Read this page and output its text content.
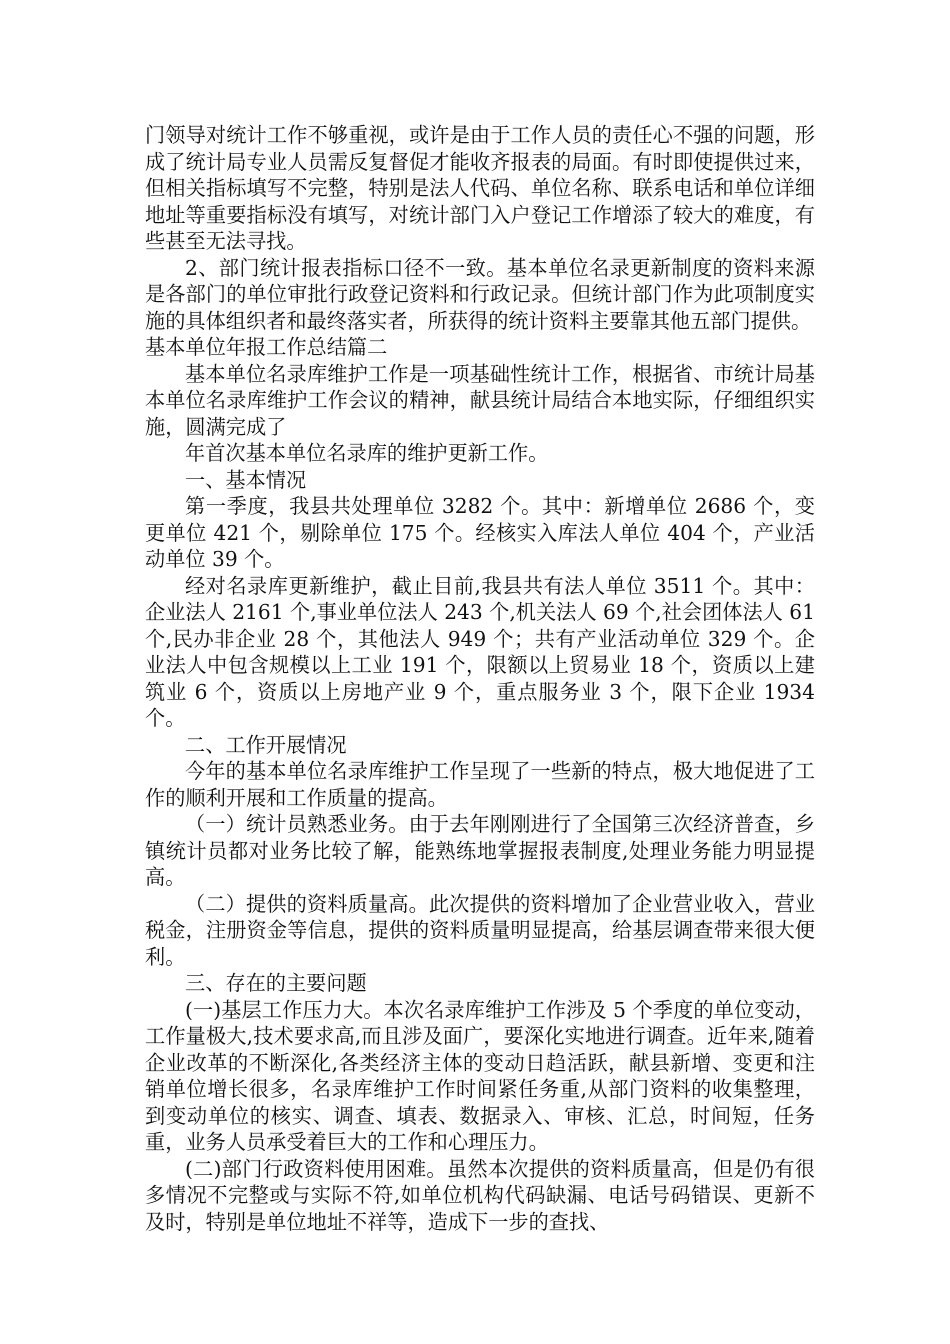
门领导对统计工作不够重视，或许是由于工作人员的责任心不强的问题，形成了统计局专业人员需反复督促才能收齐报表的局面。有时即使提供过来，但相关指标填写不完整，特别是法人代码、单位名称、联系电话和单位详细地址等重要指标没有填写，对统计部门入户登记工作增添了较大的难度，有些甚至无法寻找。

2、部门统计报表指标口径不一致。基本单位名录更新制度的资料来源是各部门的单位审批行政登记资料和行政记录。但统计部门作为此项制度实施的具体组织者和最终落实者，所获得的统计资料主要靠其他五部门提供。

基本单位年报工作总结篇二

基本单位名录库维护工作是一项基础性统计工作，根据省、市统计局基本单位名录库维护工作会议的精神，献县统计局结合本地实际，仔细组织实施，圆满完成了

年首次基本单位名录库的维护更新工作。

一、基本情况

第一季度，我县共处理单位 3282 个。其中：新增单位 2686 个，变更单位 421 个，剔除单位 175 个。经核实入库法人单位 404 个，产业活动单位 39 个。

经对名录库更新维护，截止目前,我县共有法人单位 3511 个。其中：企业法人 2161 个,事业单位法人 243 个,机关法人 69 个,社会团体法人 61 个,民办非企业 28 个，其他法人 949 个；共有产业活动单位 329 个。企业法人中包含规模以上工业 191 个，限额以上贸易业 18 个，资质以上建筑业 6 个，资质以上房地产业 9 个，重点服务业 3 个，限下企业 1934 个。

二、工作开展情况

今年的基本单位名录库维护工作呈现了一些新的特点，极大地促进了工作的顺利开展和工作质量的提高。

（一）统计员熟悉业务。由于去年刚刚进行了全国第三次经济普查，乡镇统计员都对业务比较了解，能熟练地掌握报表制度,处理业务能力明显提高。

（二）提供的资料质量高。此次提供的资料增加了企业营业收入，营业税金，注册资金等信息，提供的资料质量明显提高，给基层调查带来很大便利。

三、存在的主要问题

(一)基层工作压力大。本次名录库维护工作涉及 5 个季度的单位变动，工作量极大,技术要求高,而且涉及面广，要深化实地进行调查。近年来,随着企业改革的不断深化,各类经济主体的变动日趋活跃，献县新增、变更和注销单位增长很多，名录库维护工作时间紧任务重,从部门资料的收集整理，到变动单位的核实、调查、填表、数据录入、审核、汇总，时间短，任务重，业务人员承受着巨大的工作和心理压力。

(二)部门行政资料使用困难。虽然本次提供的资料质量高，但是仍有很多情况不完整或与实际不符,如单位机构代码缺漏、电话号码错误、更新不及时，特别是单位地址不祥等，造成下一步的查找、
